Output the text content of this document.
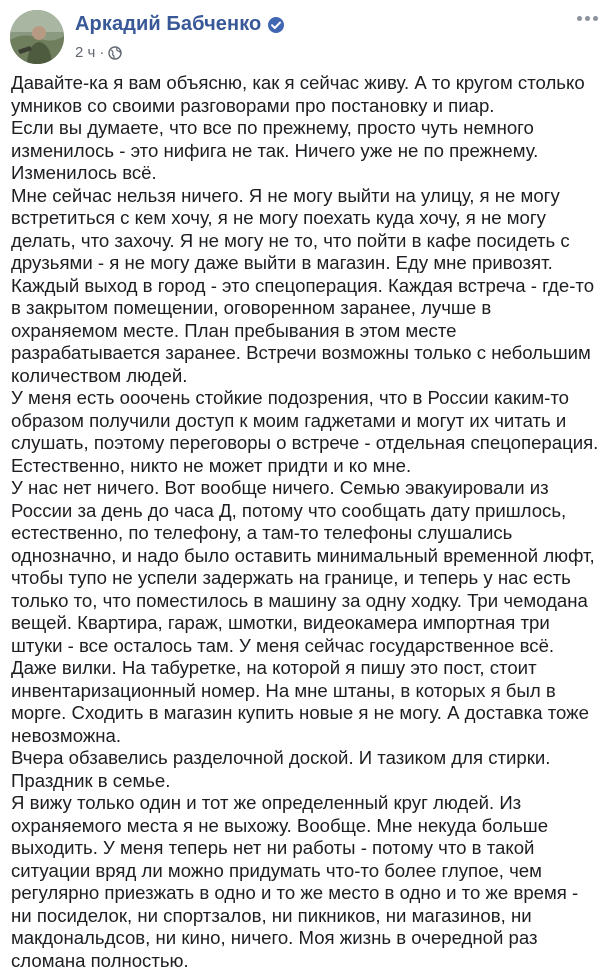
Аркадий Бабченко
2 ч ·

Давайте-ка я вам объясню, как я сейчас живу. А то кругом столько умников со своими разговорами про постановку и пиар.

Если вы думаете, что все по прежнему, просто чуть немного изменилось - это нифига не так. Ничего уже не по прежнему. Изменилось всё.

Мне сейчас нельзя ничего. Я не могу выйти на улицу, я не могу встретиться с кем хочу, я не могу поехать куда хочу, я не могу делать, что захочу. Я не могу не то, что пойти в кафе посидеть с друзьями - я не могу даже выйти в магазин. Еду мне привозят. Каждый выход в город - это спецоперация. Каждая встреча - где-то в закрытом помещении, оговоренном заранее, лучше в охраняемом месте. План пребывания в этом месте разрабатывается заранее. Встречи возможны только с небольшим количеством людей.

У меня есть ооочень стойкие подозрения, что в России каким-то образом получили доступ к моим гаджетами и могут их читать и слушать, поэтому переговоры о встрече - отдельная спецоперация. Естественно, никто не может придти и ко мне.

У нас нет ничего. Вот вообще ничего. Семью эвакуировали из России за день до часа Д, потому что сообщать дату пришлось, естественно, по телефону, а там-то телефоны слушались однозначно, и надо было оставить минимальный временной люфт, чтобы тупо не успели задержать на границе, и теперь у нас есть только то, что поместилось в машину за одну ходку. Три чемодана вещей. Квартира, гараж, шмотки, видеокамера импортная три штуки - все осталось там. У меня сейчас государственное всё. Даже вилки. На табуретке, на которой я пишу это пост, стоит инвентаризационный номер. На мне штаны, в которых я был в морге. Сходить в магазин купить новые я не могу. А доставка тоже невозможна.

Вчера обзавелись разделочной доской. И тазиком для стирки. Праздник в семье.

Я вижу только один и тот же определенный круг людей. Из охраняемого места я не выхожу. Вообще. Мне некуда больше выходить. У меня теперь нет ни работы - потому что в такой ситуации вряд ли можно придумать что-то более глупое, чем регулярно приезжать в одно и то же место в одно и то же время - ни посиделок, ни спортзалов, ни пикников, ни магазинов, ни макдональдсов, ни кино, ничего. Моя жизнь в очередной раз сломана полностью.
